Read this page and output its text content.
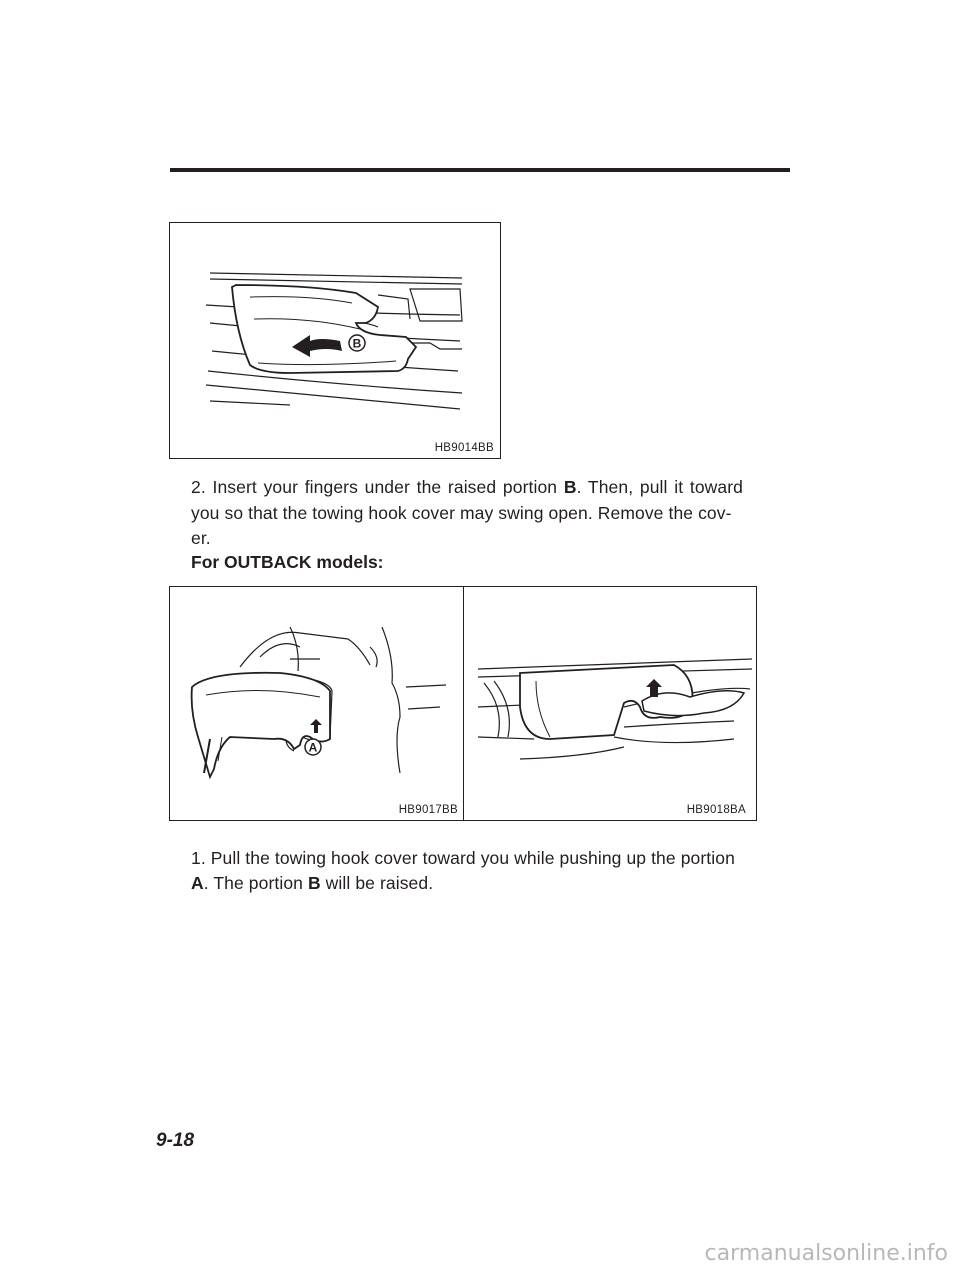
B
HB9014BB
2. Insert your fingers under the raised portion B. Then, pull it toward
you so that the towing hook cover may swing open. Remove the cov-
er.
For OUTBACK models:
A
HB9017BB	HB9018BA
1. Pull the towing hook cover toward you while pushing up the portion
A. The portion B will be raised.
9-18
carmanualsonline.info
